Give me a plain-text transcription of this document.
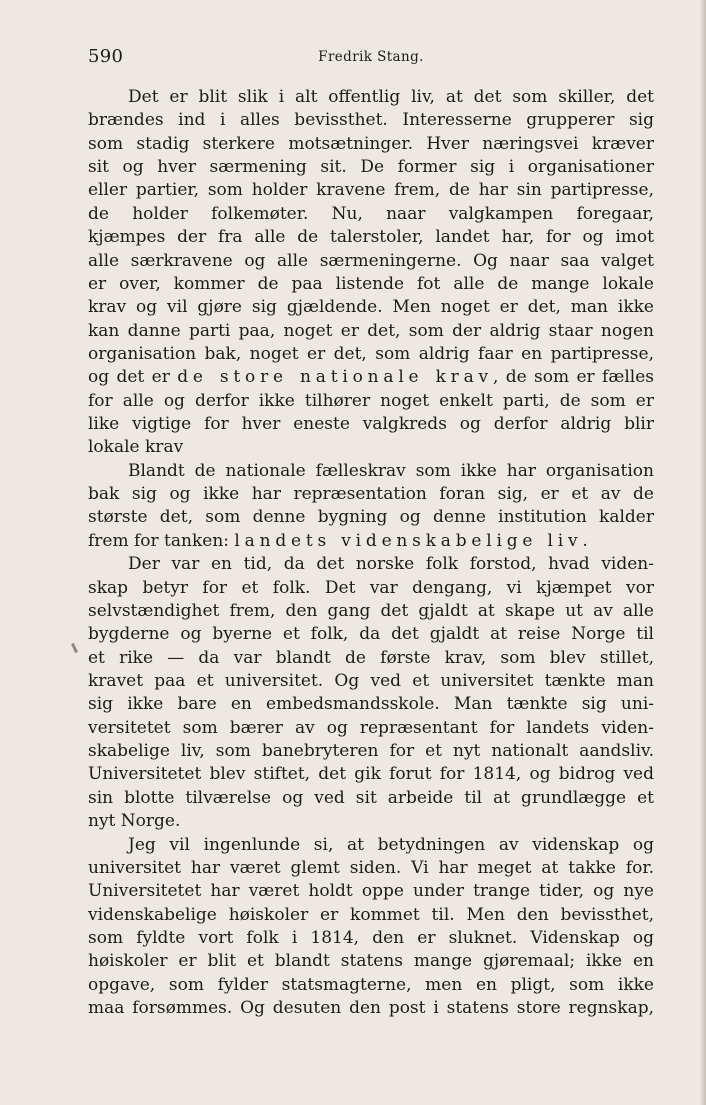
590	Fredrik Stang.
Det er blit slik i alt offentlig liv, at det som skiller, det
brændes ind i alles bevissthet. Interesserne grupperer sig
som stadig sterkere motsætninger. Hver næringsvei kræver
sit og hver særmening sit. De former sig i organisationer
eller partier, som holder kravene frem, de har sin partipresse,
de holder folkemøter. Nu, naar valgkampen foregaar,
kjæmpes der fra alle de talerstoler, landet har, for og imot
alle særkravene og alle særmeningerne. Og naar saa valget
er over, kommer de paa listende fot alle de mange lokale
krav og vil gjøre sig gjældende. Men noget er det, man ikke
kan danne parti paa, noget er det, som der aldrig staar nogen
organisation bak, noget er det, som aldrig faar en partipresse,
og det er de store nationale krav, de som er fælles
for alle og derfor ikke tilhører noget enkelt parti, de som er
like vigtige for hver eneste valgkreds og derfor aldrig blir
lokale krav
Blandt de nationale fælleskrav som ikke har organisation
bak sig og ikke har repræsentation foran sig, er et av de
største det, som denne bygning og denne institution kalder
frem for tanken: landets videnskabelige liv.
Der var en tid, da det norske folk forstod, hvad viden-
skap betyr for et folk. Det var dengang, vi kjæmpet vor
selvstændighet frem, den gang det gjaldt at skape ut av alle
bygderne og byerne et folk, da det gjaldt at reise Norge til
et rike — da var blandt de første krav, som blev stillet,
kravet paa et universitet. Og ved et universitet tænkte man
sig ikke bare en embedsmandsskole. Man tænkte sig uni-
versitetet som bærer av og repræsentant for landets viden-
skabelige liv, som banebryteren for et nyt nationalt aandsliv.
Universitetet blev stiftet, det gik forut for 1814, og bidrog ved
sin blotte tilværelse og ved sit arbeide til at grundlægge et
nyt Norge.
Jeg vil ingenlunde si, at betydningen av videnskap og
universitet har været glemt siden. Vi har meget at takke for.
Universitetet har været holdt oppe under trange tider, og nye
videnskabelige høiskoler er kommet til. Men den bevissthet,
som fyldte vort folk i 1814, den er sluknet. Videnskap og
høiskoler er blit et blandt statens mange gjøremaal; ikke en
opgave, som fylder statsmagterne, men en pligt, som ikke
maa forsømmes. Og desuten den post i statens store regnskap,
